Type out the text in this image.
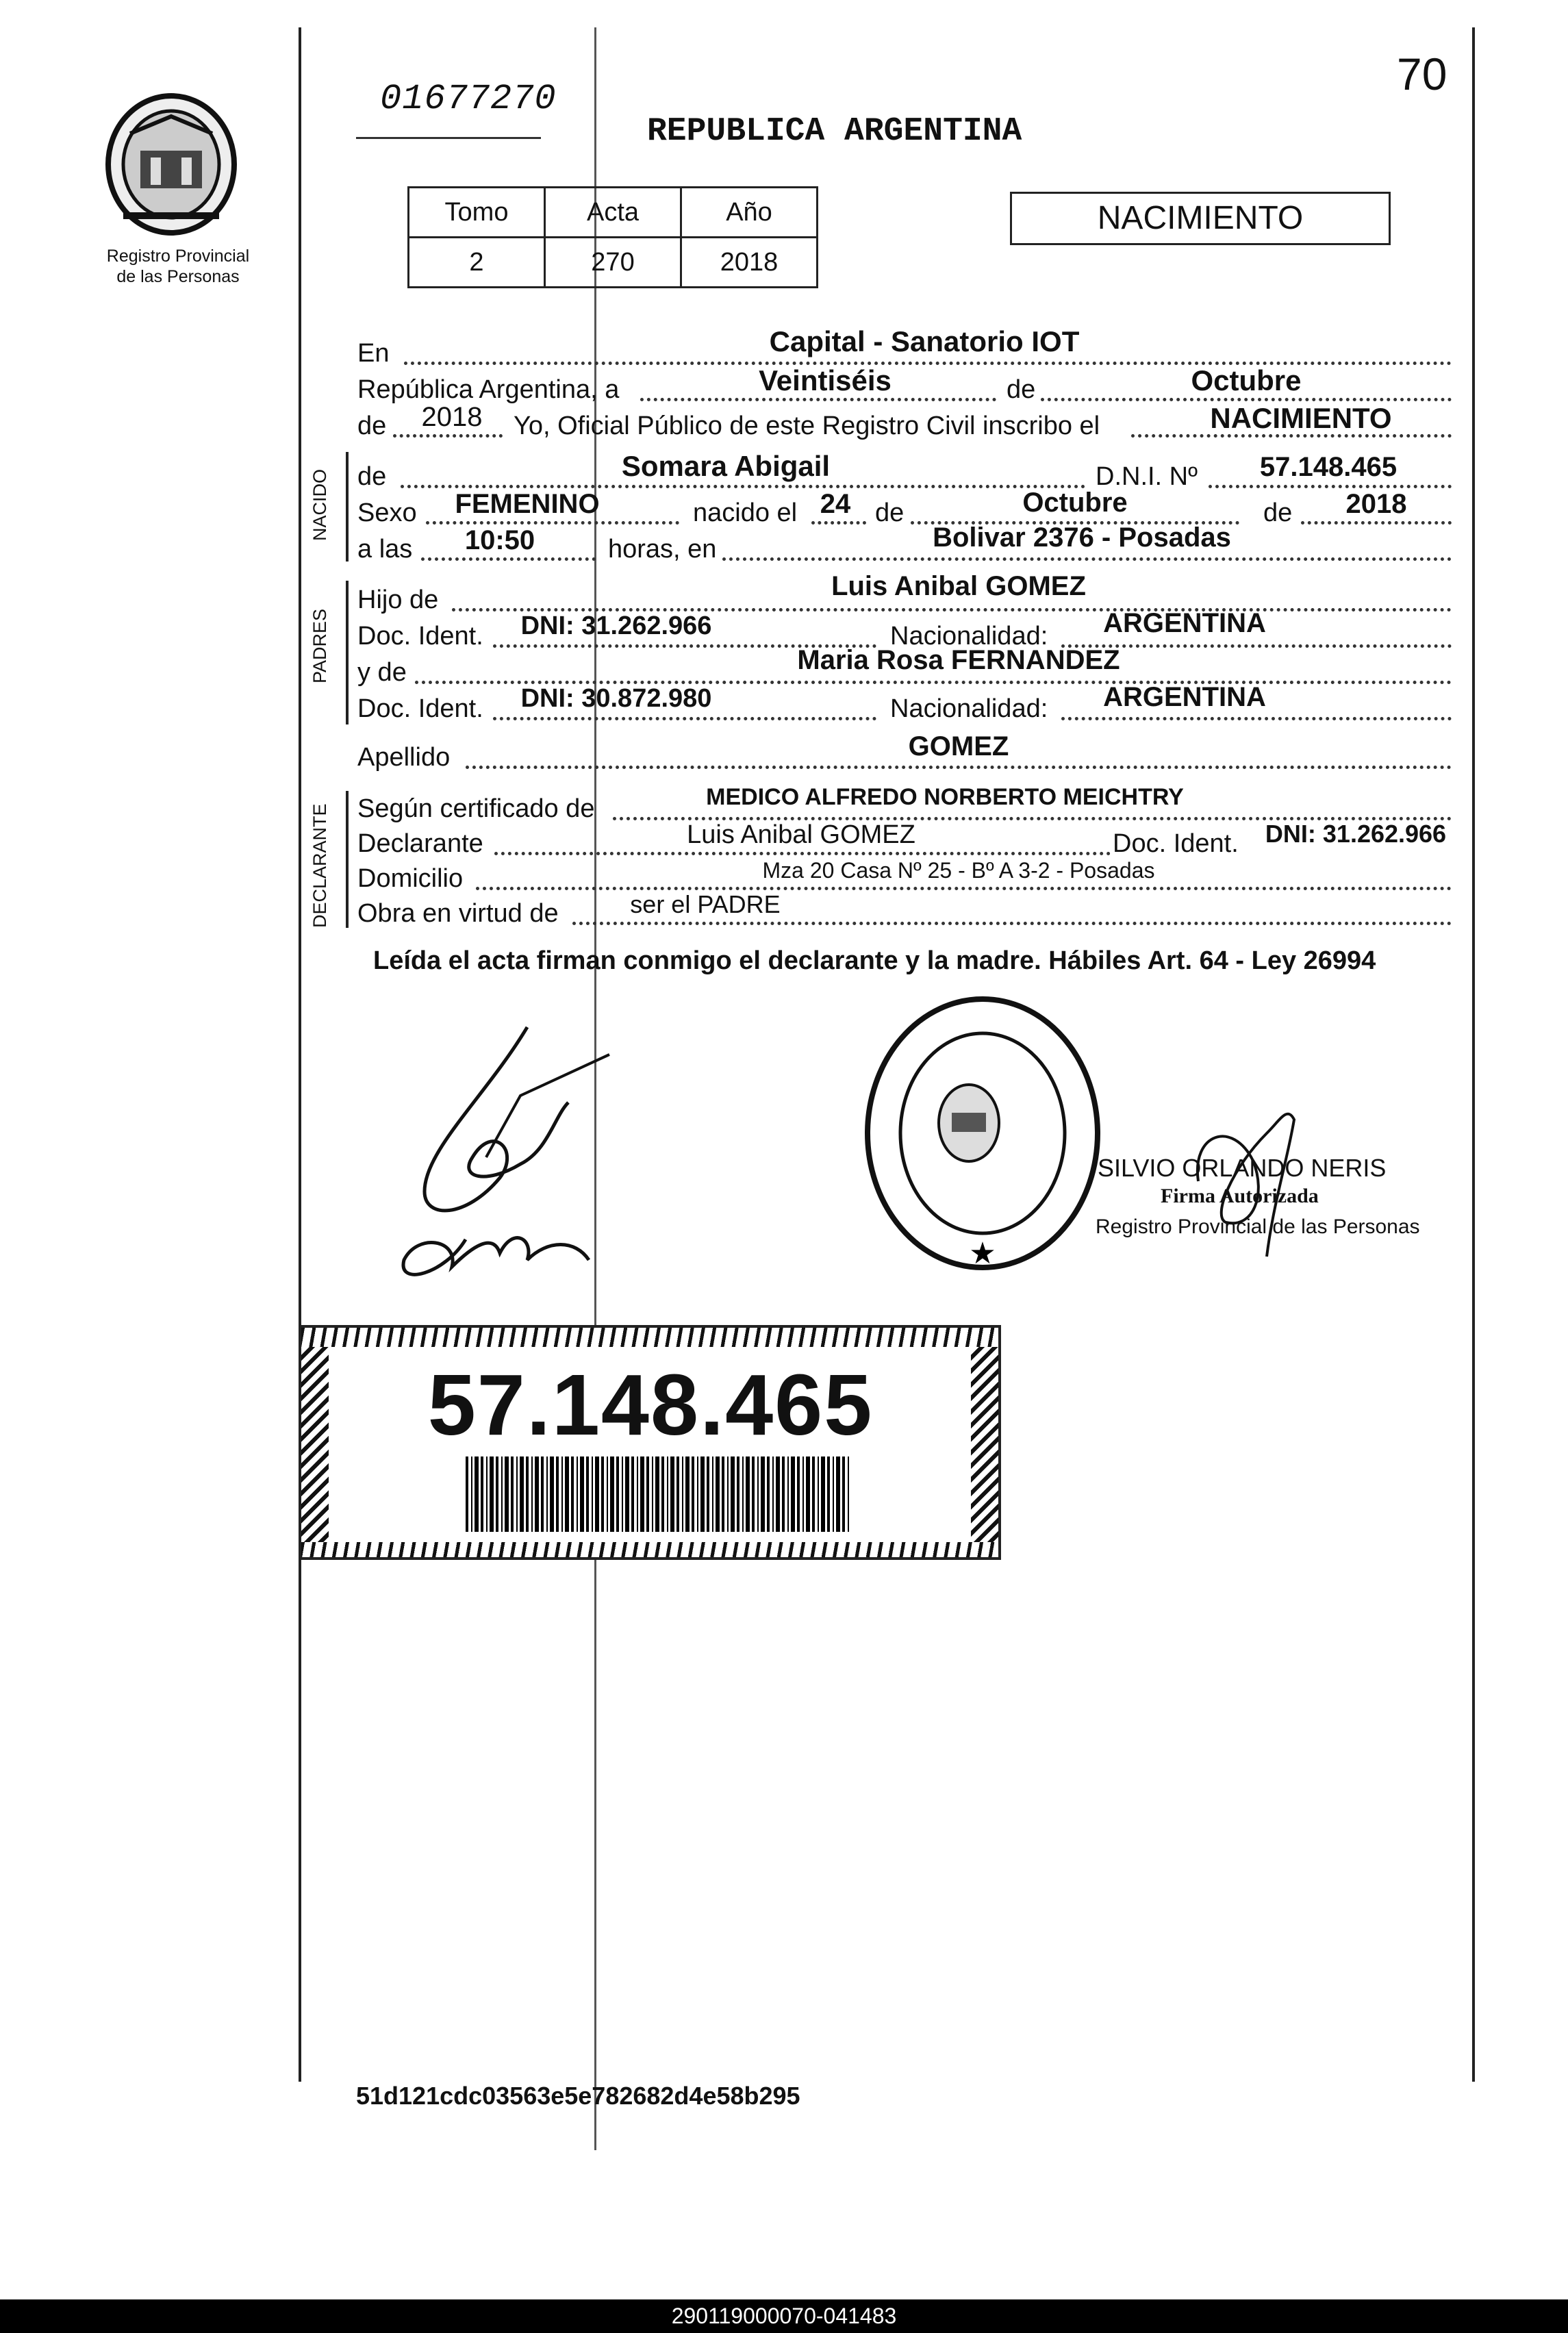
70
01677270
REPUBLICA ARGENTINA
Registro Provincial
de las Personas
Tomo	Acta	Año
2	270	2018
NACIMIENTO
En	Capital - Sanatorio IOT
República Argentina, a	Veintiséis	de	Octubre
de	2018	Yo, Oficial Público de este Registro Civil inscribo el	NACIMIENTO
NACIDO de	Somara Abigail	D.N.I. Nº	57.148.465
Sexo	FEMENINO	nacido el 24 de	Octubre	de	2018
a las	10:50	horas, en	Bolivar 2376 - Posadas
PADRES
Hijo de	Luis Anibal GOMEZ
Doc. Ident.	DNI: 31.262.966	Nacionalidad:	ARGENTINA
y de	Maria Rosa FERNANDEZ
Doc. Ident.	DNI: 30.872.980	Nacionalidad:	ARGENTINA
Apellido	GOMEZ
DECLARANTE Según certificado de	MEDICO ALFREDO NORBERTO MEICHTRY
Declarante	Luis Anibal GOMEZ	Doc. Ident.	DNI: 31.262.966
Domicilio	Mza 20 Casa Nº 25 - Bº A 3-2 - Posadas
Obra en virtud de	ser el PADRE
Leída el acta firman conmigo el declarante y la madre. Hábiles Art. 64 - Ley 26994
★
SILVIO ORLANDO NERIS
Firma Autorizada
Registro Provincial de las Personas
57.148.465
51d121cdc03563e5e782682d4e58b295
290119000070-041483
